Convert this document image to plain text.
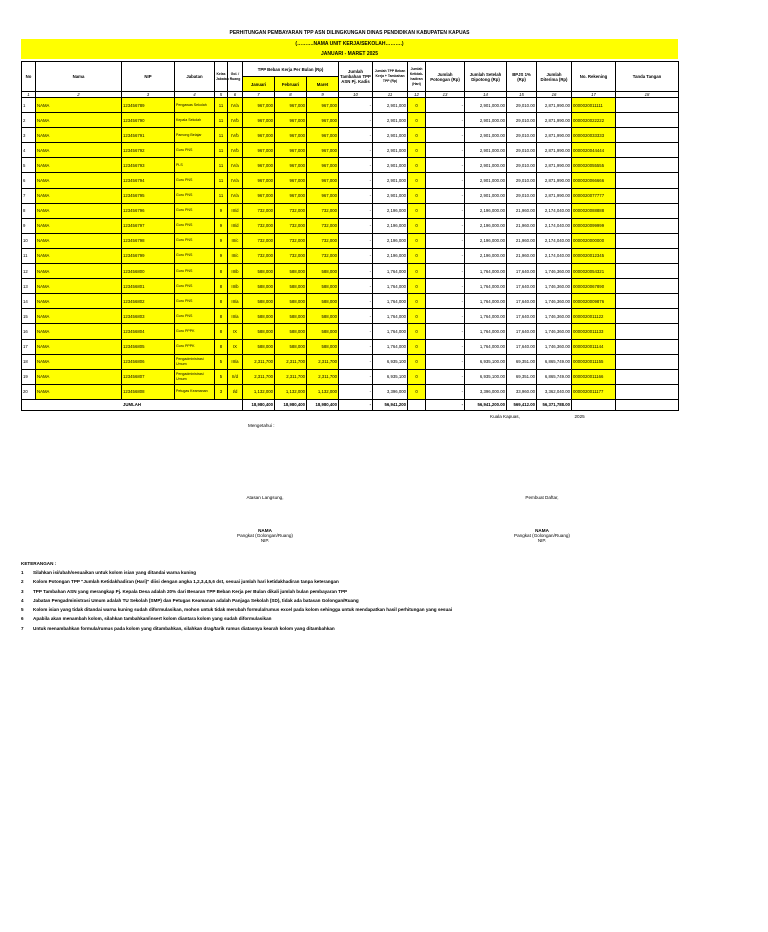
PERHITUNGAN PEMBAYARAN TPP ASN DILINGKUNGAN DINAS PENDIDIKAN KABUPATEN KAPUAS
(……….NAMA UNIT KERJA/SEKOLAH……….)
JANUARI - MARET 2025
No	Nama	NIP	Jabatan	Kelas Jabatan	Gol. / Ruang	TPP Beban Kerja Per Bulan (Rp)			Jumlah Tambahan TPP ASN Pj. Kadis	Jumlah TPP Beban Kerja + Tambahan TPP (Rp)	Jumlah Ketidak-hadiran (Hari)	Jumlah Potongan (Rp)	Jumlah Setelah Dipotong (Rp)	BPJS 1% (Rp)	Jumlah Diterima (Rp)	No. Rekening	Tanda Tangan
						Januari	Februari	Maret									
1	2	3	4	5	6	7	8	9	10	11	12	13	14	15	16	17	18
1	NAMA	123456789	Pengawas Sekolah	11	IV/a	967,000	967,000	967,000	-	2,901,000	0	-	2,901,000.00	29,010.00	2,871,990.00	0000020011111	
2	NAMA	123456790	Kepala Sekolah	11	IV/b	967,000	967,000	967,000	-	2,901,000	0	-	2,901,000.00	29,010.00	2,871,990.00	0000020022222	
3	NAMA	123456791	Pamong Belajar	11	IV/b	967,000	967,000	967,000	-	2,901,000	0	-	2,901,000.00	29,010.00	2,871,990.00	0000020033333	
4	NAMA	123456792	Guru PNS	11	IV/b	967,000	967,000	967,000	-	2,901,000	0	-	2,901,000.00	29,010.00	2,871,990.00	0000020044444	
5	NAMA	123456793	PLS	11	IV/a	967,000	967,000	967,000	-	2,901,000	0	-	2,901,000.00	29,010.00	2,871,990.00	0000020055555	
6	NAMA	123456794	Guru PNS	11	IV/a	967,000	967,000	967,000	-	2,901,000	0	-	2,901,000.00	29,010.00	2,871,990.00	0000020066666	
7	NAMA	123456795	Guru PNS	11	IV/a	967,000	967,000	967,000	-	2,901,000	0	-	2,901,000.00	29,010.00	2,871,990.00	0000020077777	
8	NAMA	123456796	Guru PNS	9	III/d	732,000	732,000	732,000	-	2,196,000	0	-	2,196,000.00	21,960.00	2,174,040.00	0000020088888	
9	NAMA	123456797	Guru PNS	9	III/d	732,000	732,000	732,000	-	2,196,000	0	-	2,196,000.00	21,960.00	2,174,040.00	0000020099999	
10	NAMA	123456798	Guru PNS	9	III/c	732,000	732,000	732,000	-	2,196,000	0	-	2,196,000.00	21,960.00	2,174,040.00	0000020000000	
11	NAMA	123456799	Guru PNS	9	III/c	732,000	732,000	732,000	-	2,196,000	0	-	2,196,000.00	21,960.00	2,174,040.00	0000020012345	
12	NAMA	123456800	Guru PNS	8	III/b	588,000	588,000	588,000	-	1,764,000	0	-	1,764,000.00	17,640.00	1,746,360.00	0000020054321	
13	NAMA	123456801	Guru PNS	8	III/b	588,000	588,000	588,000	-	1,764,000	0	-	1,764,000.00	17,640.00	1,746,360.00	0000020067890	
14	NAMA	123456802	Guru PNS	8	III/a	588,000	588,000	588,000	-	1,764,000	0	-	1,764,000.00	17,640.00	1,746,360.00	0000020009876	
15	NAMA	123456803	Guru PNS	8	III/a	588,000	588,000	588,000	-	1,764,000	0	-	1,764,000.00	17,640.00	1,746,360.00	0000020011122	
16	NAMA	123456804	Guru PPPK	8	IX	588,000	588,000	588,000	-	1,764,000	0	-	1,764,000.00	17,640.00	1,746,360.00	0000020011133	
17	NAMA	123456805	Guru PPPK	8	IX	588,000	588,000	588,000	-	1,764,000	0	-	1,764,000.00	17,640.00	1,746,360.00	0000020011144	
18	NAMA	123456806	Pengadministrasi Umum	5	III/a	2,311,700	2,311,700	2,311,700	-	6,935,100	0	-	6,935,100.00	69,351.00	6,865,749.00	0000020011155	
19	NAMA	123456807	Pengadministrasi Umum	5	II/d	2,311,700	2,311,700	2,311,700	-	6,935,100	0	-	6,935,100.00	69,351.00	6,865,749.00	0000020011166	
20	NAMA	123456808	Petugas Keamanan	3	I/d	1,132,000	1,132,000	1,132,000	-	3,396,000	0	-	3,396,000.00	33,960.00	3,362,040.00	0000020011177	
JUMLAH						18,980,400	18,980,400	18,980,400	-	56,941,200		-	56,941,200.00	569,412.00	56,371,788.00		
Kuala Kapuas,	2025
Mengetahui :
Atasan Langsung,	Pembuat Daftar,
NAMA
Pangkat (Golongan/Ruang)
NIP.
NAMA
Pangkat (Golongan/Ruang)
NIP.
KETERANGAN :
1	Silahkan isi/ubah/sesuaikan untuk kolom isian yang ditandai warna kuning
2	Kolom Potongan TPP "Jumlah Ketidakhadiran (Hari)" diisi dengan angka 1,2,3,4,5,6 dst, sesuai jumlah hari ketidakhadiran tanpa keterangan
3	TPP Tambahan ASN yang merangkap Pj. Kepala Desa adalah 20% dari Besaran TPP Beban Kerja per Bulan dikali jumlah bulan pembayaran TPP
4	Jabatan Pengadministrasi Umum adalah TU Sekolah (SMP) dan Petugas Keamanan adalah Panjaga Sekolah (SD), tidak ada batasan Golongan/Ruang
5	Kolom isian yang tidak ditandai warna kuning sudah diformulasikan, mohon untuk tidak merubah formula/rumus excel pada kolom sehingga untuk mendapatkan hasil perhitungan yang sesuai
6	Apabila akan menambah kolom, silahkan tambahkan/insert kolom diantara kolom yang sudah diformulasikan
7	Untuk menambahkan formula/rumus pada kolom yang ditambahkan, silahkan drag/tarik rumus diatasnya kearah kolom yang ditambahkan
